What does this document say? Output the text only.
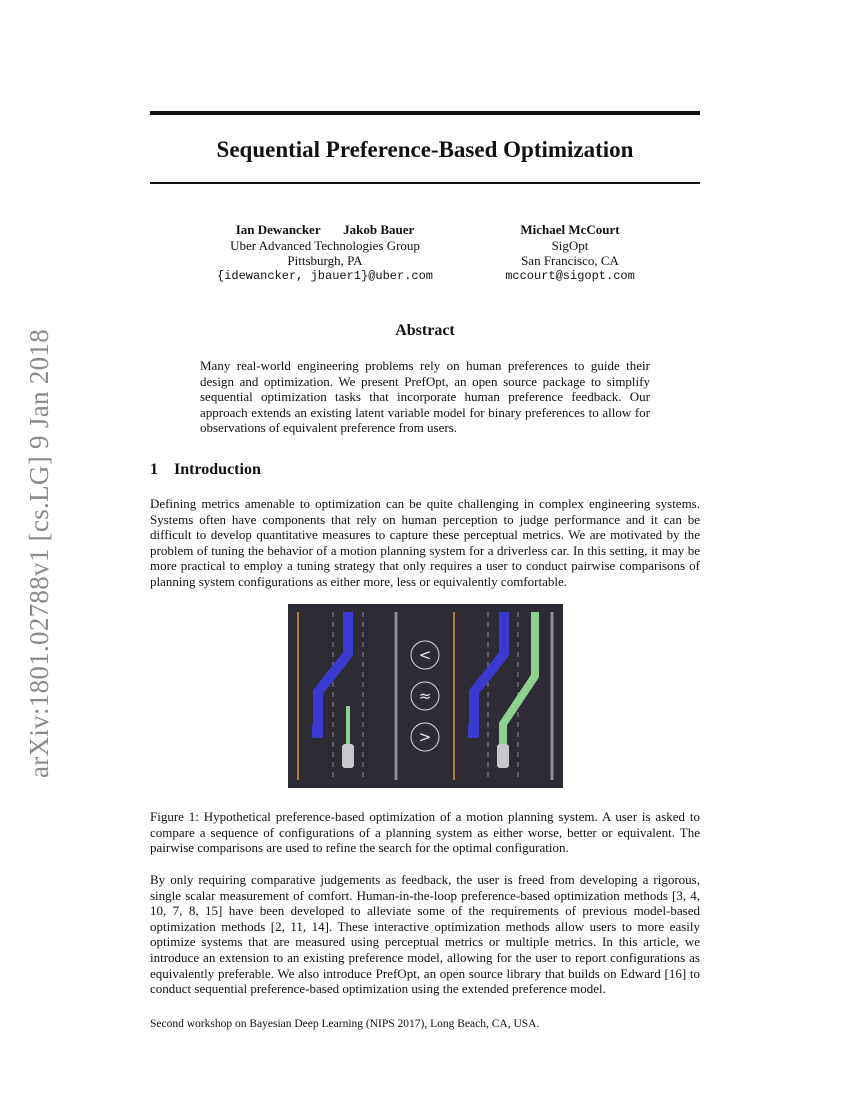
arXiv:1801.02788v1 [cs.LG] 9 Jan 2018
Sequential Preference-Based Optimization
Ian Dewancker       Jakob Bauer
Uber Advanced Technologies Group
Pittsburgh, PA
{idewancker, jbauer1}@uber.com
Michael McCourt
SigOpt
San Francisco, CA
mccourt@sigopt.com
Abstract
Many real-world engineering problems rely on human preferences to guide their design and optimization. We present PrefOpt, an open source package to simplify sequential optimization tasks that incorporate human preference feedback. Our approach extends an existing latent variable model for binary preferences to allow for observations of equivalent preference from users.
1 Introduction
Defining metrics amenable to optimization can be quite challenging in complex engineering systems. Systems often have components that rely on human perception to judge performance and it can be difficult to develop quantitative measures to capture these perceptual metrics. We are motivated by the problem of tuning the behavior of a motion planning system for a driverless car. In this setting, it may be more practical to employ a tuning strategy that only requires a user to conduct pairwise comparisons of planning system configurations as either more, less or equivalently comfortable.
<
≈
>
Figure 1: Hypothetical preference-based optimization of a motion planning system. A user is asked to compare a sequence of configurations of a planning system as either worse, better or equivalent. The pairwise comparisons are used to refine the search for the optimal configuration.
By only requiring comparative judgements as feedback, the user is freed from developing a rigorous, single scalar measurement of comfort. Human-in-the-loop preference-based optimization methods [3, 4, 10, 7, 8, 15] have been developed to alleviate some of the requirements of previous model-based optimization methods [2, 11, 14]. These interactive optimization methods allow users to more easily optimize systems that are measured using perceptual metrics or multiple metrics. In this article, we introduce an extension to an existing preference model, allowing for the user to report configurations as equivalently preferable. We also introduce PrefOpt, an open source library that builds on Edward [16] to conduct sequential preference-based optimization using the extended preference model.
Second workshop on Bayesian Deep Learning (NIPS 2017), Long Beach, CA, USA.
